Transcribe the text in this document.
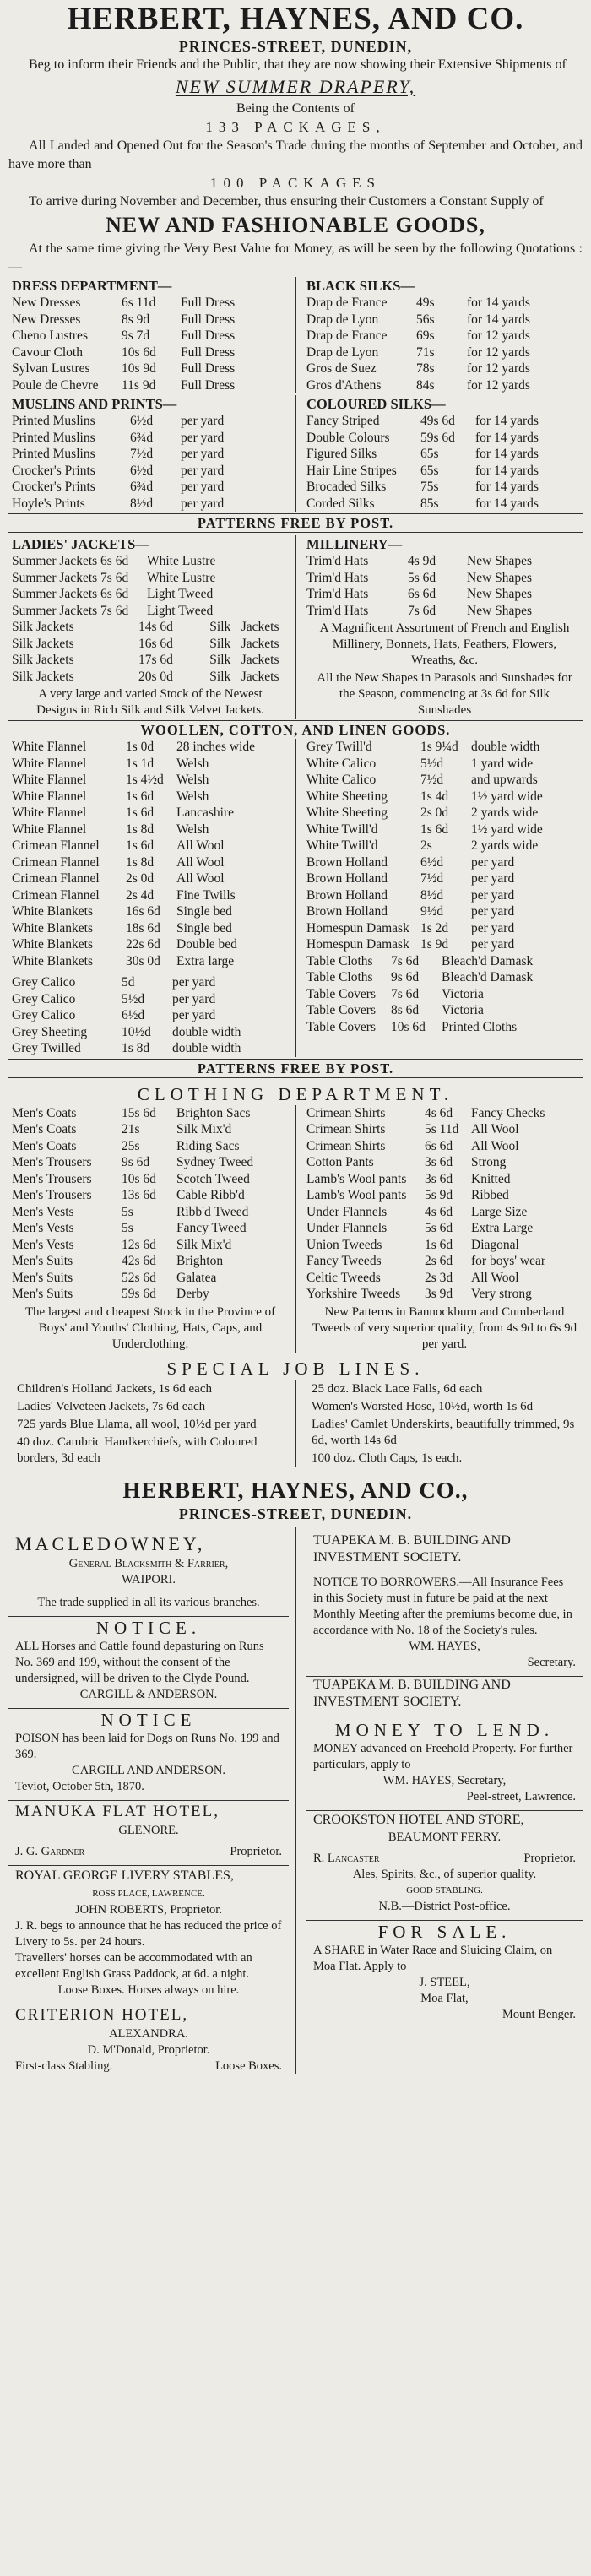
HERBERT, HAYNES, AND CO.
PRINCES-STREET, DUNEDIN,
Beg to inform their Friends and the Public, that they are now showing their Extensive Shipments of
NEW SUMMER DRAPERY,
Being the Contents of
133 PACKAGES,
All Landed and Opened Out for the Season's Trade during the months of September and October, and have more than
100 PACKAGES
To arrive during November and December, thus ensuring their Customers a Constant Supply of
NEW AND FASHIONABLE GOODS,
At the same time giving the Very Best Value for Money, as will be seen by the following Quotations :—
DRESS DEPARTMENT—
New Dresses	6s 11d	Full Dress
New Dresses	8s 9d	Full Dress
Cheno Lustres	9s 7d	Full Dress
Cavour Cloth	10s 6d	Full Dress
Sylvan Lustres	10s 9d	Full Dress
Poule de Chevre	11s 9d	Full Dress
BLACK SILKS—
Drap de France	49s	for 14 yards
Drap de Lyon	56s	for 14 yards
Drap de France	69s	for 12 yards
Drap de Lyon	71s	for 12 yards
Gros de Suez	78s	for 12 yards
Gros d'Athens	84s	for 12 yards
MUSLINS AND PRINTS—
Printed Muslins	6½d	per yard
Printed Muslins	6¾d	per yard
Printed Muslins	7½d	per yard
Crocker's Prints	6½d	per yard
Crocker's Prints	6¾d	per yard
Hoyle's Prints	8½d	per yard
COLOURED SILKS—
Fancy Striped	49s 6d	for 14 yards
Double Colours	59s 6d	for 14 yards
Figured Silks	65s	for 14 yards
Hair Line Stripes	65s	for 14 yards
Brocaded Silks	75s	for 14 yards
Corded Silks	85s	for 14 yards
PATTERNS FREE BY POST.
LADIES' JACKETS—
Summer Jackets 6s 6d	White Lustre
Summer Jackets 7s 6d	White Lustre
Summer Jackets 6s 6d	Light Tweed
Summer Jackets 7s 6d	Light Tweed
Silk Jackets	14s 6d	Silk Jackets
Silk Jackets	16s 6d	Silk Jackets
Silk Jackets	17s 6d	Silk Jackets
Silk Jackets	20s 0d	Silk Jackets
A very large and varied Stock of the Newest Designs in Rich Silk and Silk Velvet Jackets.
MILLINERY—
Trim'd Hats	4s 9d	New Shapes
Trim'd Hats	5s 6d	New Shapes
Trim'd Hats	6s 6d	New Shapes
Trim'd Hats	7s 6d	New Shapes
A Magnificent Assortment of French and English Millinery, Bonnets, Hats, Feathers, Flowers, Wreaths, &c.
All the New Shapes in Parasols and Sunshades for the Season, commencing at 3s 6d for Silk Sunshades
WOOLLEN, COTTON, AND LINEN GOODS.
White Flannel	1s 0d	28 inches wide
White Flannel	1s 1d	Welsh
White Flannel	1s 4½d Welsh
White Flannel	1s 6d	Welsh
White Flannel	1s 6d	Lancashire
White Flannel	1s 8d	Welsh
Crimean Flannel	1s 6d	All Wool
Crimean Flannel	1s 8d	All Wool
Crimean Flannel	2s 0d	All Wool
Crimean Flannel	2s 4d	Fine Twills
White Blankets	16s 6d	Single bed
White Blankets	18s 6d	Single bed
White Blankets	22s 6d	Double bed
White Blankets	30s 0d	Extra large
Grey Calico	5d	per yard
Grey Calico	5½d	per yard
Grey Calico	6½d	per yard
Grey Sheeting	10½d	double width
Grey Twilled	1s 8d	double width
Grey Twill'd	1s 9¼d double width
White Calico	5½d	1 yard wide
White Calico	7½d	and upwards
White Sheeting	1s 4d	1½ yard wide
White Sheeting	2s 0d	2 yards wide
White Twill'd	1s 6d	1½ yard wide
White Twill'd	2s	2 yards wide
Brown Holland	6½d	per yard
Brown Holland	7½d	per yard
Brown Holland	8½d	per yard
Brown Holland	9½d	per yard
Homespun Damask 1s 2d	per yard
Homespun Damask 1s 9d	per yard
Table Cloths	7s 6d	Bleach'd Damask
Table Cloths	9s 6d	Bleach'd Damask
Table Covers	7s 6d	Victoria
Table Covers	8s 6d	Victoria
Table Covers	10s 6d	Printed Cloths
PATTERNS FREE BY POST.
CLOTHING DEPARTMENT.
Men's Coats	15s 6d	Brighton Sacs
Men's Coats	21s	Silk Mix'd
Men's Coats	25s	Riding Sacs
Men's Trousers	9s 6d	Sydney Tweed
Men's Trousers	10s 6d	Scotch Tweed
Men's Trousers	13s 6d	Cable Ribb'd
Men's Vests	5s	Ribb'd Tweed
Men's Vests	5s	Fancy Tweed
Men's Vests	12s 6d	Silk Mix'd
Men's Suits	42s 6d	Brighton
Men's Suits	52s 6d	Galatea
Men's Suits	59s 6d	Derby
The largest and cheapest Stock in the Province of Boys' and Youths' Clothing, Hats, Caps, and Underclothing.
Crimean Shirts	4s 6d	Fancy Checks
Crimean Shirts	5s 11d All Wool
Crimean Shirts	6s 6d	All Wool
Cotton Pants	3s 6d	Strong
Lamb's Wool pants	3s 6d	Knitted
Lamb's Wool pants	5s 9d	Ribbed
Under Flannels	4s 6d	Large Size
Under Flannels	5s 6d	Extra Large
Union Tweeds	1s 6d	Diagonal
Fancy Tweeds	2s 6d	for boys' wear
Celtic Tweeds	2s 3d	All Wool
Yorkshire Tweeds	3s 9d	Very strong
New Patterns in Bannockburn and Cumberland Tweeds of very superior quality, from 4s 9d to 6s 9d per yard.
SPECIAL JOB LINES.
Children's Holland Jackets, 1s 6d each
Ladies' Velveteen Jackets, 7s 6d each
725 yards Blue Llama, all wool, 10½d per yard
40 doz. Cambric Handkerchiefs, with Coloured borders, 3d each
25 doz. Black Lace Falls, 6d each
Women's Worsted Hose, 10½d, worth 1s 6d
Ladies' Camlet Underskirts, beautifully trimmed, 9s 6d, worth 14s 6d
100 doz. Cloth Caps, 1s each.
HERBERT, HAYNES, AND CO.,
PRINCES-STREET, DUNEDIN.
MACLEDOWNEY,
General Blacksmith & Farrier,
WAIPORI.
The trade supplied in all its various branches.
NOTICE.
ALL Horses and Cattle found depasturing on Runs No. 369 and 199, without the consent of the undersigned, will be driven to the Clyde Pound.
CARGILL & ANDERSON.
NOTICE
POISON has been laid for Dogs on Runs No. 199 and 369.
CARGILL AND ANDERSON.
Teviot, October 5th, 1870.
MANUKA FLAT HOTEL,
GLENORE.
J. G. Gardner	Proprietor.
ROYAL GEORGE LIVERY STABLES,
ROSS PLACE, LAWRENCE.
JOHN ROBERTS, Proprietor.
J. R. begs to announce that he has reduced the price of Livery to 5s. per 24 hours.
Travellers' horses can be accommodated with an excellent English Grass Paddock, at 6d. a night.
Loose Boxes. Horses always on hire.
CRITERION HOTEL,
ALEXANDRA.
D. M'Donald, Proprietor.
First-class Stabling.	Loose Boxes.
TUAPEKA M. B. BUILDING AND INVESTMENT SOCIETY.
NOTICE TO BORROWERS.—All Insurance Fees in this Society must in future be paid at the next Monthly Meeting after the premiums become due, in accordance with No. 18 of the Society's rules.
WM. HAYES,
Secretary.
TUAPEKA M. B. BUILDING AND INVESTMENT SOCIETY.
MONEY TO LEND.
MONEY advanced on Freehold Property. For further particulars, apply to
WM. HAYES, Secretary,
Peel-street, Lawrence.
CROOKSTON HOTEL AND STORE,
BEAUMONT FERRY.
R. Lancaster	Proprietor.
Ales, Spirits, &c., of superior quality.
GOOD STABLING.
N.B.—District Post-office.
FOR SALE.
A SHARE in Water Race and Sluicing Claim, on Moa Flat. Apply to
J. STEEL,
Moa Flat,
Mount Benger.
